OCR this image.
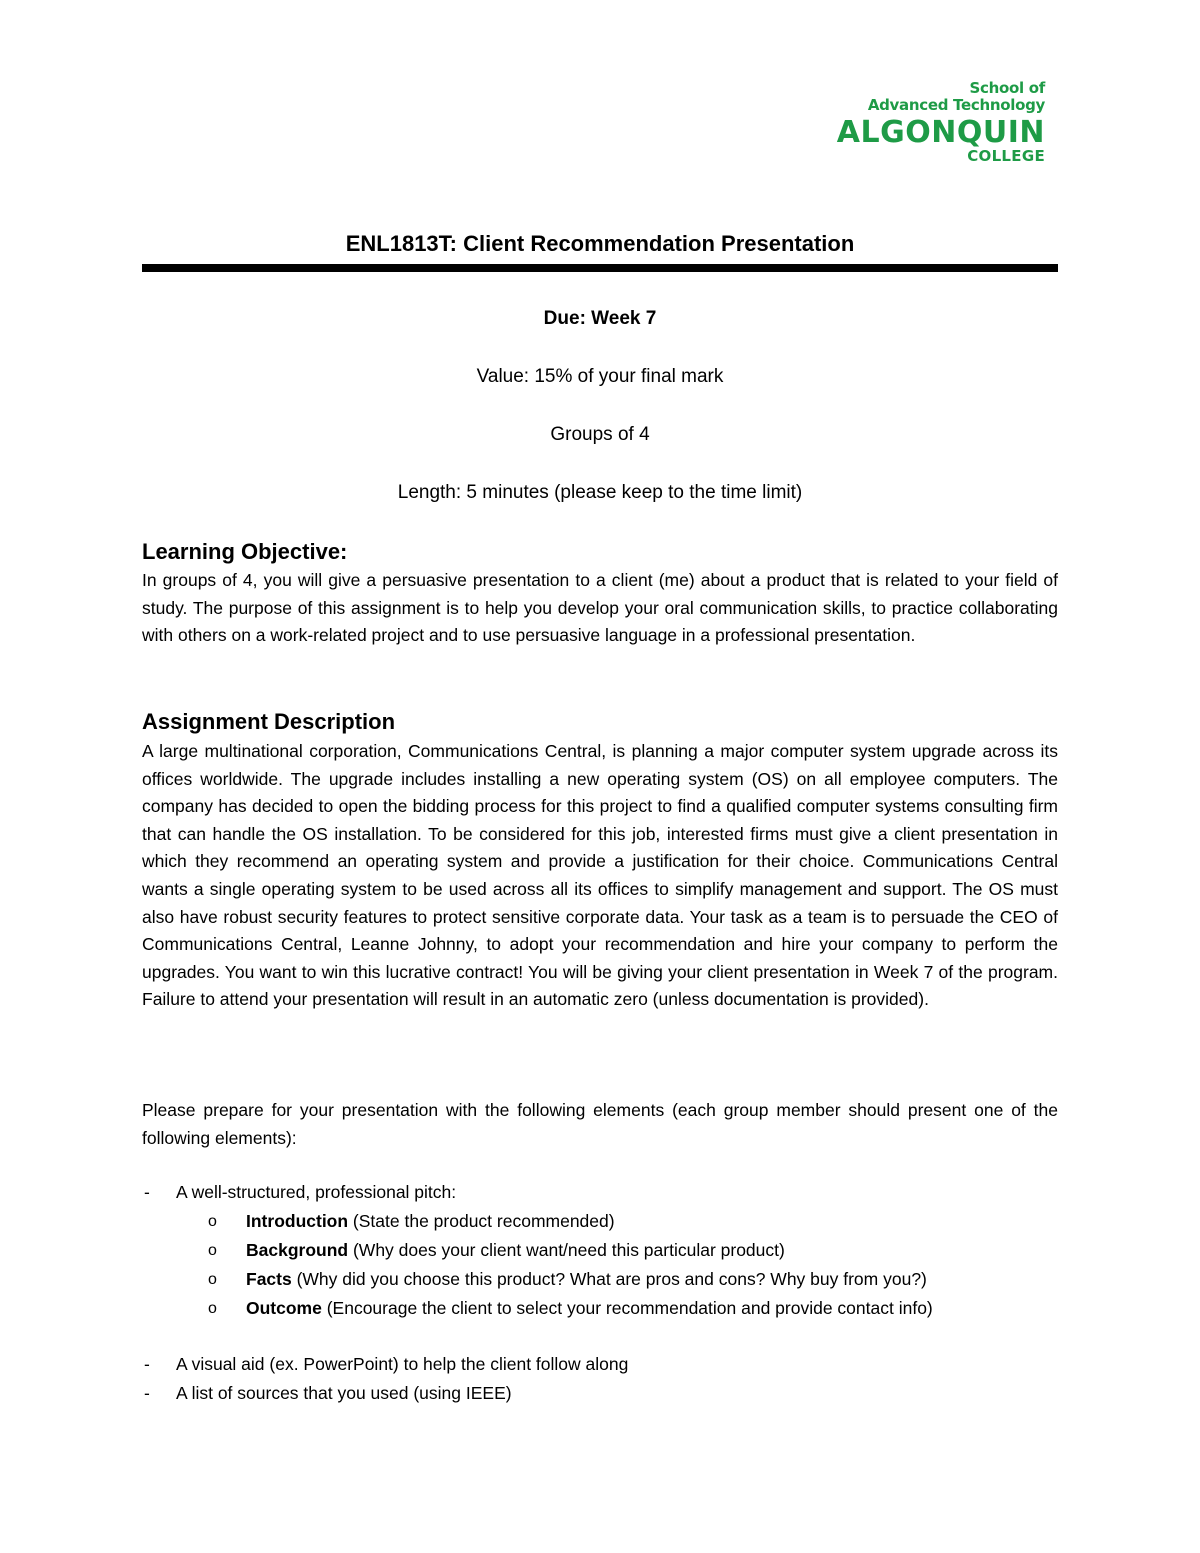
School of
Advanced Technology
ALGONQUIN
COLLEGE
ENL1813T: Client Recommendation Presentation
Due: Week 7
Value: 15% of your final mark
Groups of 4
Length: 5 minutes (please keep to the time limit)
Learning Objective:

In groups of 4, you will give a persuasive presentation to a client (me) about a product that is related to your field of study. The purpose of this assignment is to help you develop your oral communication skills, to practice collaborating with others on a work-related project and to use persuasive language in a professional presentation.

Assignment Description

A large multinational corporation, Communications Central, is planning a major computer system upgrade across its offices worldwide. The upgrade includes installing a new operating system (OS) on all employee computers. The company has decided to open the bidding process for this project to find a qualified computer systems consulting firm that can handle the OS installation. To be considered for this job, interested firms must give a client presentation in which they recommend an operating system and provide a justification for their choice. Communications Central wants a single operating system to be used across all its offices to simplify management and support. The OS must also have robust security features to protect sensitive corporate data. Your task as a team is to persuade the CEO of Communications Central, Leanne Johnny, to adopt your recommendation and hire your company to perform the upgrades. You want to win this lucrative contract! You will be giving your client presentation in Week 7 of the program. Failure to attend your presentation will result in an automatic zero (unless documentation is provided).

Please prepare for your presentation with the following elements (each group member should present one of the following elements):

- A well-structured, professional pitch:
o Introduction (State the product recommended)
o Background (Why does your client want/need this particular product)
o Facts (Why did you choose this product? What are pros and cons? Why buy from you?)
o Outcome (Encourage the client to select your recommendation and provide contact info)
- A visual aid (ex. PowerPoint) to help the client follow along
- A list of sources that you used (using IEEE)
